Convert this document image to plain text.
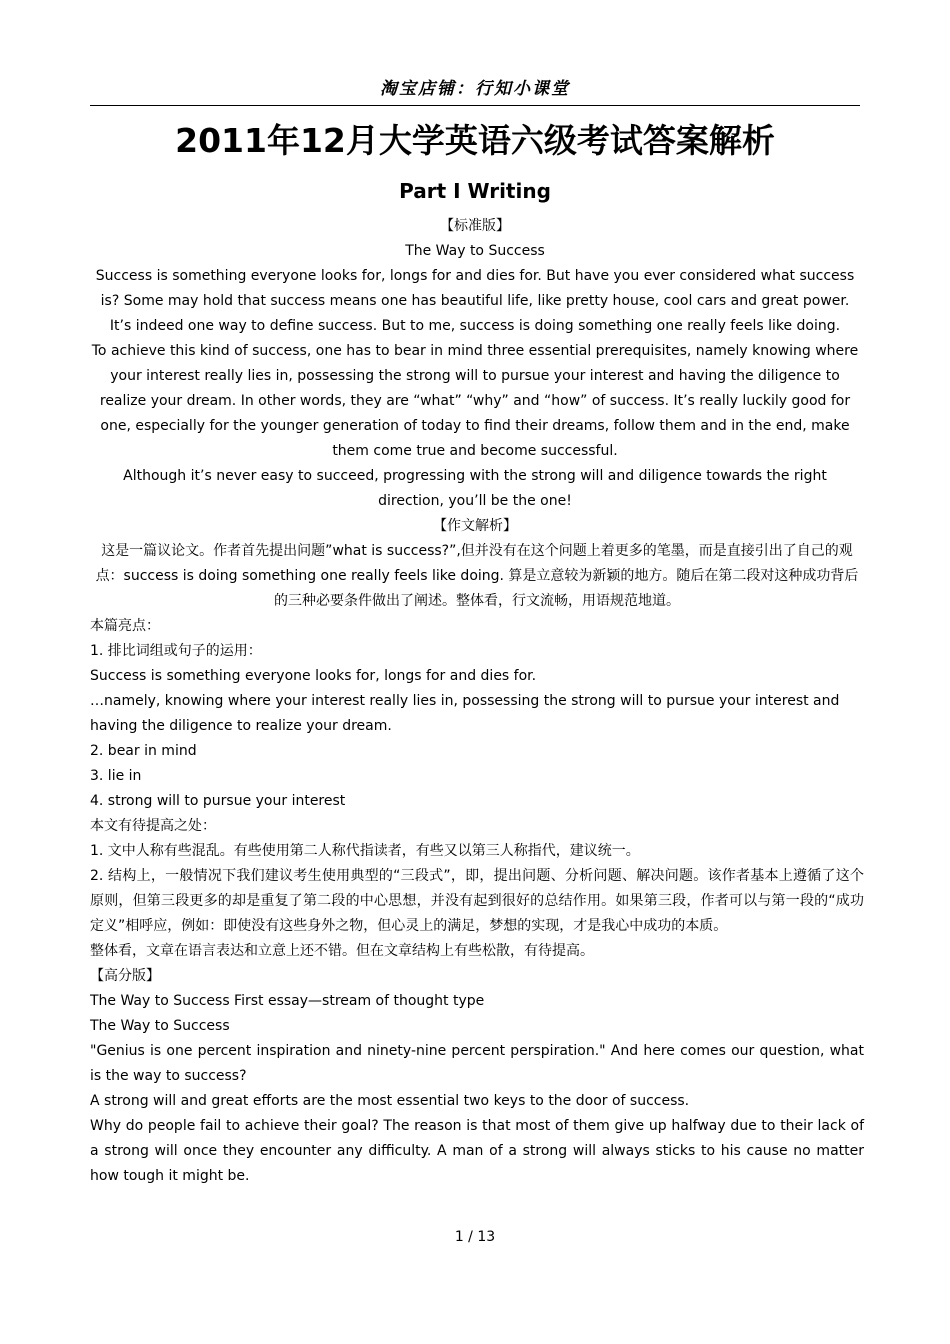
淘宝店铺：行知小课堂
2011年12月大学英语六级考试答案解析
Part I Writing

【标准版】

The Way to Success

Success is something everyone looks for, longs for and dies for. But have you ever considered what success is? Some may hold that success means one has beautiful life, like pretty house, cool cars and great power. It’s indeed one way to define success. But to me, success is doing something one really feels like doing.

To achieve this kind of success, one has to bear in mind three essential prerequisites, namely knowing where your interest really lies in, possessing the strong will to pursue your interest and having the diligence to realize your dream. In other words, they are “what” “why” and “how” of success. It’s really luckily good for one, especially for the younger generation of today to find their dreams, follow them and in the end, make them come true and become successful.

Although it’s never easy to succeed, progressing with the strong will and diligence towards the right direction, you’ll be the one!

【作文解析】

这是一篇议论文。作者首先提出问题”what is success?”,但并没有在这个问题上着更多的笔墨，而是直接引出了自己的观点：success is doing something one really feels like doing. 算是立意较为新颖的地方。随后在第二段对这种成功背后的三种必要条件做出了阐述。整体看，行文流畅，用语规范地道。

本篇亮点：

1. 排比词组或句子的运用：

Success is something everyone looks for, longs for and dies for.

…namely, knowing where your interest really lies in, possessing the strong will to pursue your interest and having the diligence to realize your dream.

2. bear in mind

3. lie in

4. strong will to pursue your interest

本文有待提高之处：

1. 文中人称有些混乱。有些使用第二人称代指读者，有些又以第三人称指代，建议统一。

2. 结构上，一般情况下我们建议考生使用典型的“三段式”，即，提出问题、分析问题、解决问题。该作者基本上遵循了这个原则，但第三段更多的却是重复了第二段的中心思想，并没有起到很好的总结作用。如果第三段，作者可以与第一段的“成功定义”相呼应，例如：即使没有这些身外之物，但心灵上的满足，梦想的实现，才是我心中成功的本质。

整体看，文章在语言表达和立意上还不错。但在文章结构上有些松散，有待提高。

【高分版】

The Way to Success First essay—stream of thought type

The Way to Success

"Genius is one percent inspiration and ninety-nine percent perspiration." And here comes our question, what is the way to success?

A strong will and great efforts are the most essential two keys to the door of success.

Why do people fail to achieve their goal? The reason is that most of them give up halfway due to their lack of a strong will once they encounter any difficulty. A man of a strong will always sticks to his cause no matter how tough it might be.

1 / 13
